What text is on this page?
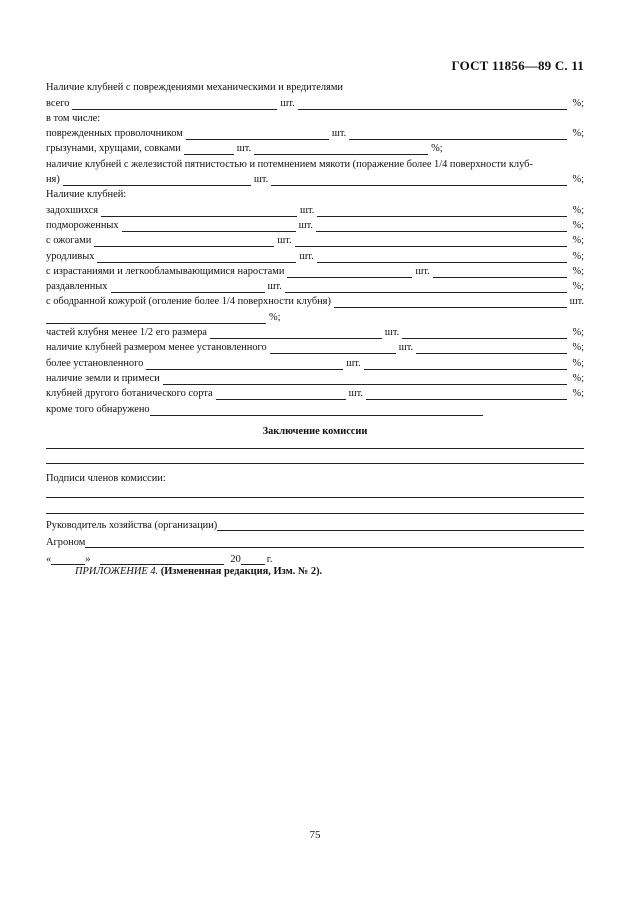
ГОСТ 11856—89 С. 11
Наличие клубней с повреждениями механическими и вредителями
всего	шт.	%;
в том числе:
поврежденных проволочником	шт.	%;
грызунами, хрущами, совками	шт.	%;
наличие клубней с железистой пятнистостью и потемнением мякоти (поражение более 1/4 поверхности клуб-
ня)	шт.	%;
Наличие клубней:
задохшихся	шт.	%;
подмороженных	шт.	%;
с ожогами	шт.	%;
уродливых	шт.	%;
с израстаниями и легкообламывающимися наростами	шт.	%;
раздавленных	шт.	%;
с ободранной кожурой (оголение более 1/4 поверхности клубня)	шт.
%;
частей клубня менее 1/2 его размера	шт.	%;
наличие клубней размером менее установленного	шт.	%;
более установленного	шт.	%;
наличие земли и примеси	%;
клубней другого ботанического сорта	шт.	%;
кроме того обнаружено
Заключение комиссии
Подписи членов комиссии:
Руководитель хозяйства (организации)
Агроном
«	»	20	г.
ПРИЛОЖЕНИЕ 4. (Измененная редакция, Изм. № 2).
75
